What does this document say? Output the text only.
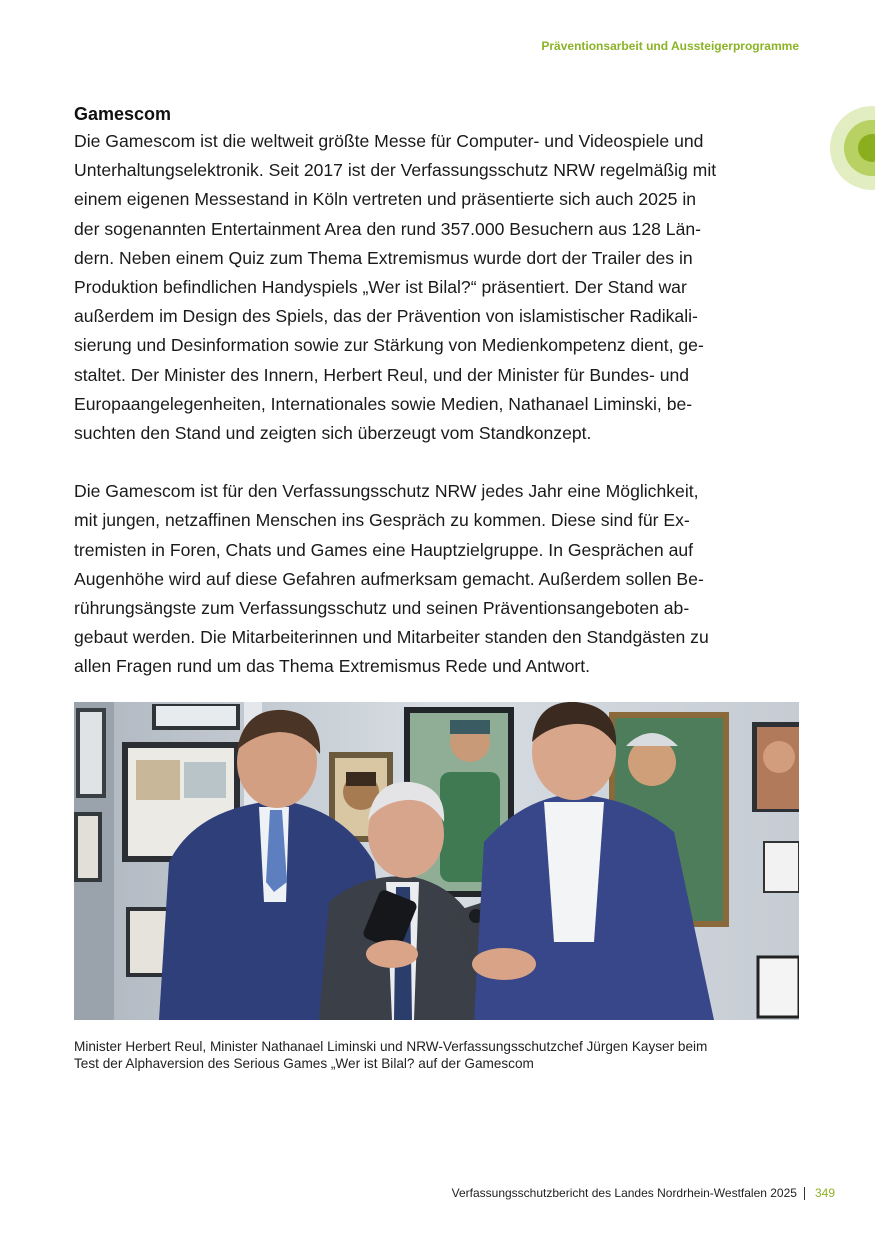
Präventionsarbeit und Aussteigerprogramme
Gamescom

Die Gamescom ist die weltweit größte Messe für Computer- und Videospiele und
Unterhaltungselektronik. Seit 2017 ist der Verfassungsschutz NRW regelmäßig mit
einem eigenen Messestand in Köln vertreten und präsentierte sich auch 2025 in
der sogenannten Entertainment Area den rund 357.000 Besuchern aus 128 Län-
dern. Neben einem Quiz zum Thema Extremismus wurde dort der Trailer des in
Produktion befindlichen Handyspiels „Wer ist Bilal?“ präsentiert. Der Stand war
außerdem im Design des Spiels, das der Prävention von islamistischer Radikali-
sierung und Desinformation sowie zur Stärkung von Medienkompetenz dient, ge-
staltet. Der Minister des Innern, Herbert Reul, und der Minister für Bundes- und
Europaangelegenheiten, Internationales sowie Medien, Nathanael Liminski, be-
suchten den Stand und zeigten sich überzeugt vom Standkonzept.

Die Gamescom ist für den Verfassungsschutz NRW jedes Jahr eine Möglichkeit,
mit jungen, netzaffinen Menschen ins Gespräch zu kommen. Diese sind für Ex-
tremisten in Foren, Chats und Games eine Hauptzielgruppe. In Gesprächen auf
Augenhöhe wird auf diese Gefahren aufmerksam gemacht. Außerdem sollen Be-
rührungsängste zum Verfassungsschutz und seinen Präventionsangeboten ab-
gebaut werden. Die Mitarbeiterinnen und Mitarbeiter standen den Standgästen zu
allen Fragen rund um das Thema Extremismus Rede und Antwort.

Minister Herbert Reul, Minister Nathanael Liminski und NRW-Verfassungsschutzchef Jürgen Kayser beim
Test der Alphaversion des Serious Games „Wer ist Bilal? auf der Gamescom
Verfassungsschutzbericht des Landes Nordrhein-Westfalen 2025 349
